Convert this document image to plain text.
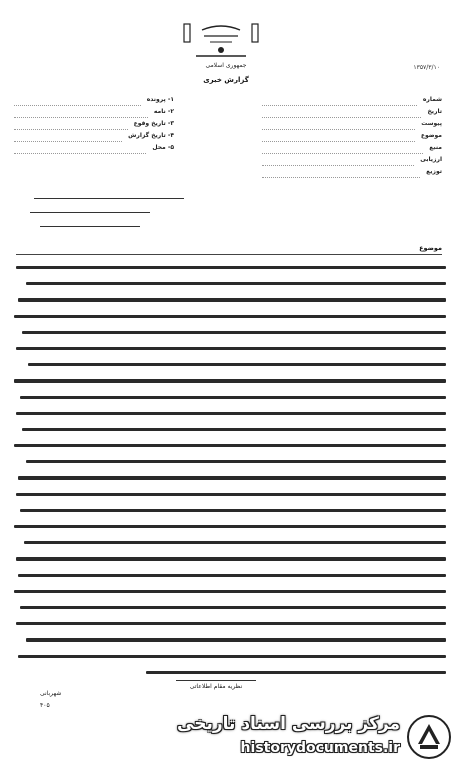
جمهوری اسلامی	۱۳۵۷/۳/۱۰
گزارش خبری
شماره
تاریخ
پیوست
موضوع
منبع
ارزیابی
توزیع
۱- پرونده
۲- نامه
۳- تاریخ وقوع
۴- تاریخ گزارش
۵- محل
موضوع
نظریه مقام اطلاعاتی
شهربانی
۴۰۵
مرکز بررسی اسناد تاریخی
historydocuments.ir
